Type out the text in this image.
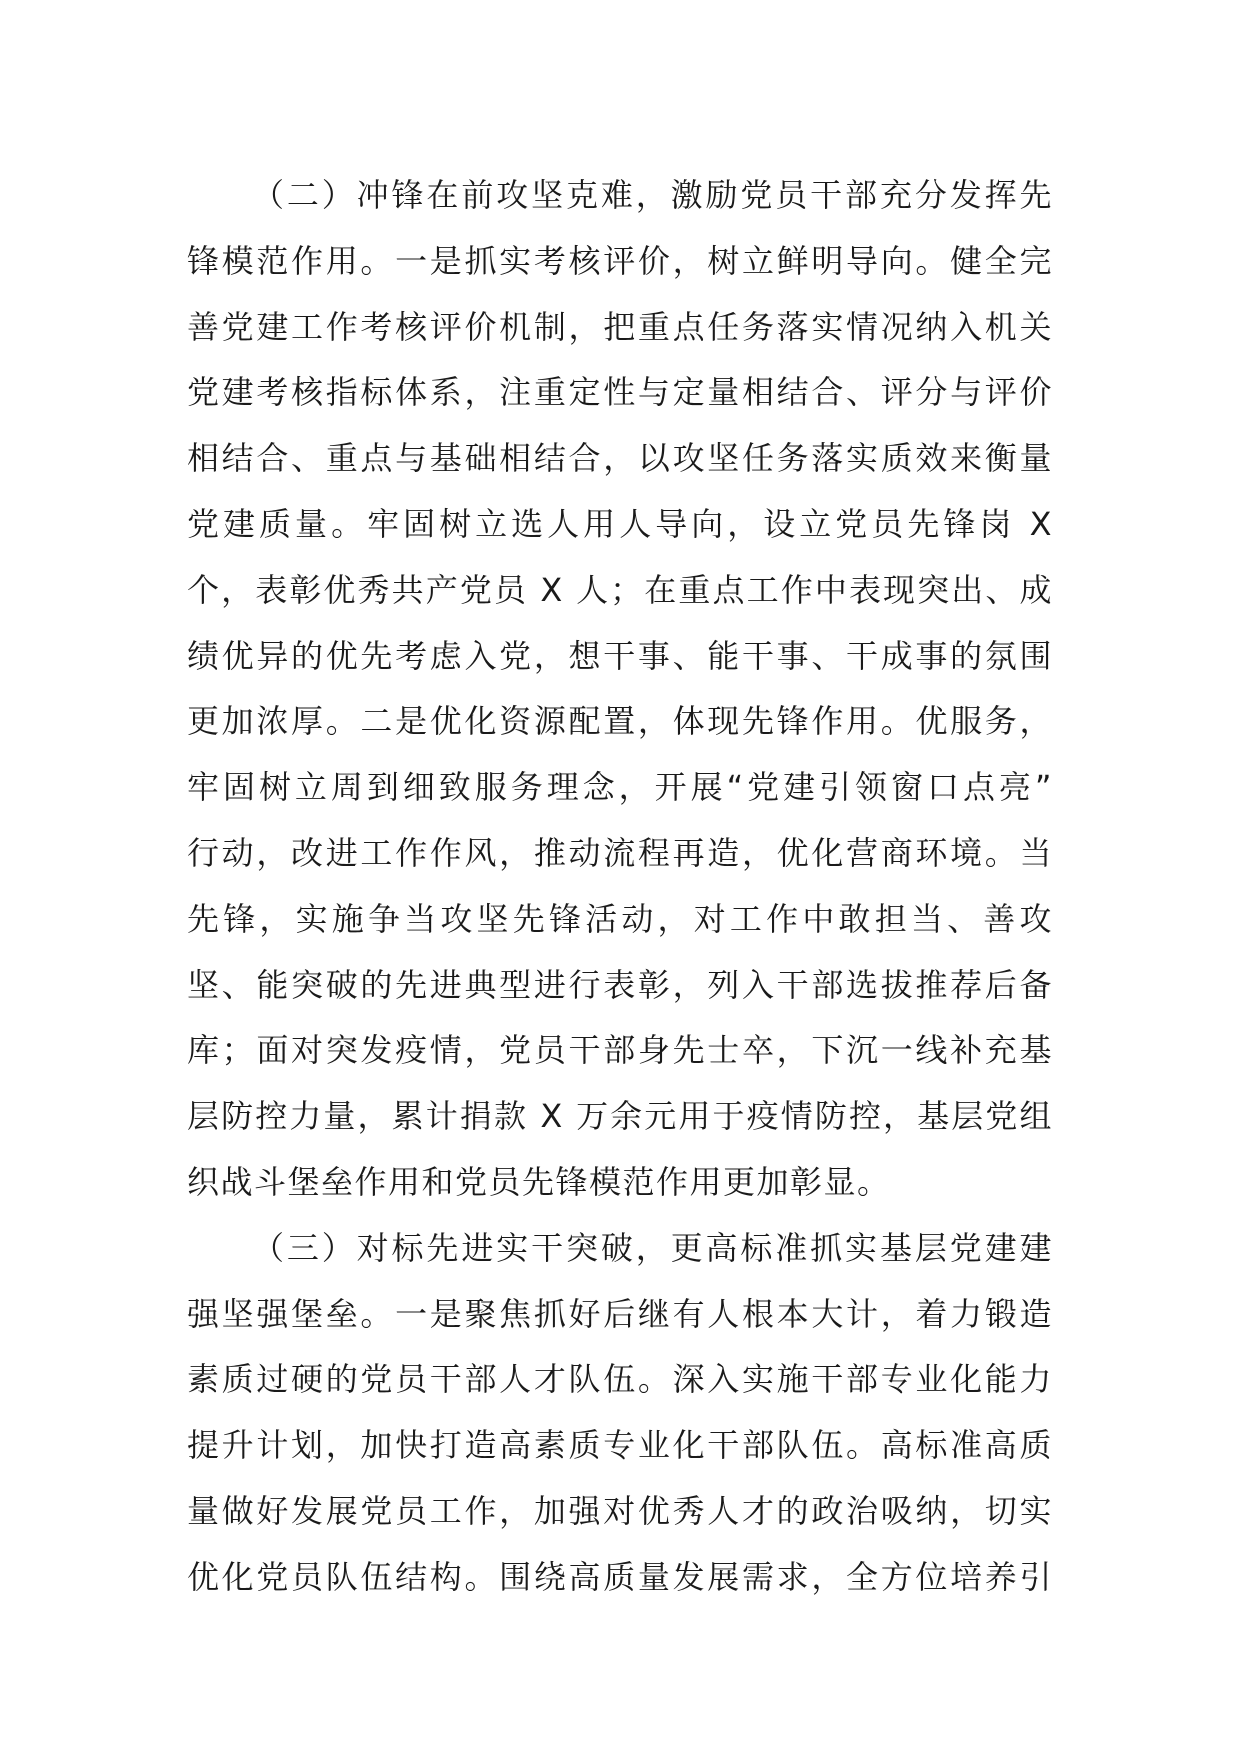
（二）冲锋在前攻坚克难，激励党员干部充分发挥先
锋模范作用。一是抓实考核评价，树立鲜明导向。健全完
善党建工作考核评价机制，把重点任务落实情况纳入机关
党建考核指标体系，注重定性与定量相结合、评分与评价
相结合、重点与基础相结合，以攻坚任务落实质效来衡量
党建质量。牢固树立选人用人导向，设立党员先锋岗 X
个，表彰优秀共产党员 X 人；在重点工作中表现突出、成
绩优异的优先考虑入党，想干事、能干事、干成事的氛围
更加浓厚。二是优化资源配置，体现先锋作用。优服务，
牢固树立周到细致服务理念，开展“党建引领窗口点亮”
行动，改进工作作风，推动流程再造，优化营商环境。当
先锋，实施争当攻坚先锋活动，对工作中敢担当、善攻
坚、能突破的先进典型进行表彰，列入干部选拔推荐后备
库；面对突发疫情，党员干部身先士卒，下沉一线补充基
层防控力量，累计捐款 X 万余元用于疫情防控，基层党组
织战斗堡垒作用和党员先锋模范作用更加彰显。
（三）对标先进实干突破，更高标准抓实基层党建建
强坚强堡垒。一是聚焦抓好后继有人根本大计，着力锻造
素质过硬的党员干部人才队伍。深入实施干部专业化能力
提升计划，加快打造高素质专业化干部队伍。高标准高质
量做好发展党员工作，加强对优秀人才的政治吸纳，切实
优化党员队伍结构。围绕高质量发展需求，全方位培养引
